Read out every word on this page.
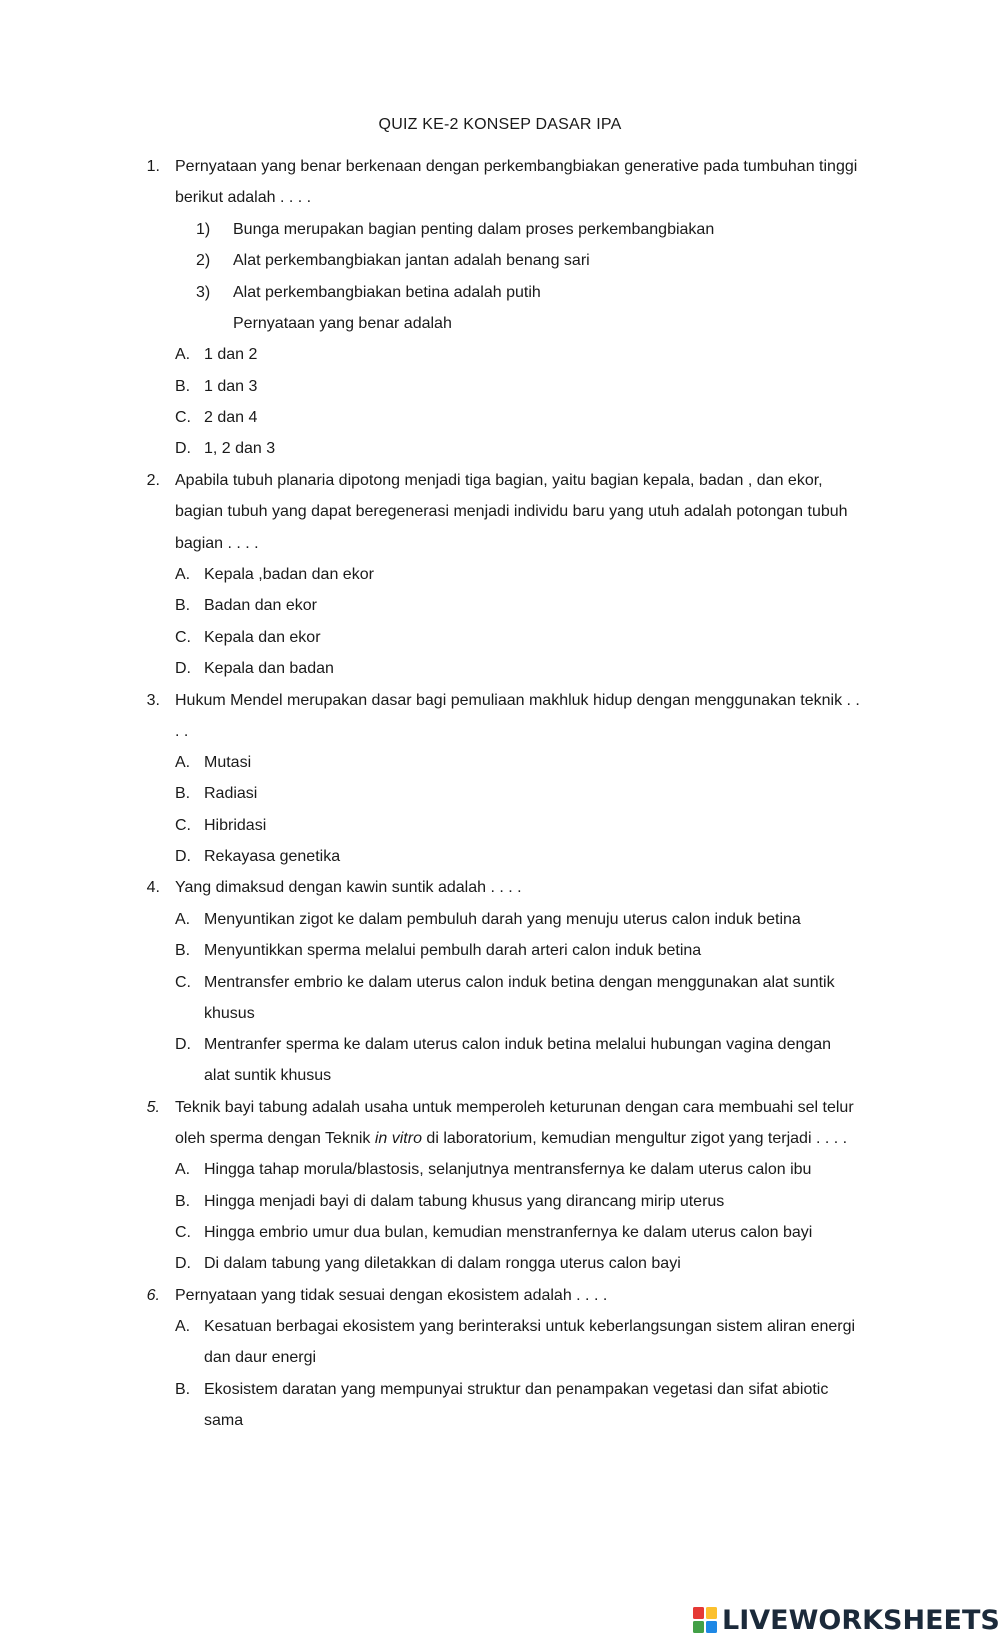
QUIZ KE-2 KONSEP DASAR IPA
1. Pernyataan yang benar berkenaan dengan perkembangbiakan generative pada tumbuhan tinggi
berikut adalah . . . .
1) Bunga merupakan bagian penting dalam proses perkembangbiakan
2) Alat perkembangbiakan jantan adalah benang sari
3) Alat perkembangbiakan betina adalah putih
Pernyataan yang benar adalah
A. 1 dan 2
B. 1 dan 3
C. 2 dan 4
D. 1, 2 dan 3
2. Apabila tubuh planaria dipotong menjadi tiga bagian, yaitu bagian kepala, badan , dan ekor,
bagian tubuh yang dapat beregenerasi menjadi individu baru yang utuh adalah potongan tubuh
bagian . . . .
A. Kepala ,badan dan ekor
B. Badan dan ekor
C. Kepala dan ekor
D. Kepala dan badan
3. Hukum Mendel merupakan dasar bagi pemuliaan makhluk hidup dengan menggunakan teknik . .
. .
A. Mutasi
B. Radiasi
C. Hibridasi
D. Rekayasa genetika
4. Yang dimaksud dengan kawin suntik adalah . . . .
A. Menyuntikan zigot ke dalam pembuluh darah yang menuju uterus calon induk betina
B. Menyuntikkan sperma melalui pembulh darah arteri calon induk betina
C. Mentransfer embrio ke dalam uterus calon induk betina dengan menggunakan alat suntik
khusus
D. Mentranfer sperma ke dalam uterus calon induk betina melalui hubungan vagina dengan
alat suntik khusus
5. Teknik bayi tabung adalah usaha untuk memperoleh keturunan dengan cara membuahi sel telur
oleh sperma dengan Teknik in vitro di laboratorium, kemudian mengultur zigot yang terjadi . . . .
A. Hingga tahap morula/blastosis, selanjutnya mentransfernya ke dalam uterus calon ibu
B. Hingga menjadi bayi di dalam tabung khusus yang dirancang mirip uterus
C. Hingga embrio umur dua bulan, kemudian menstranfernya ke dalam uterus calon bayi
D. Di dalam tabung yang diletakkan di dalam rongga uterus calon bayi
6. Pernyataan yang tidak sesuai dengan ekosistem adalah . . . .
A. Kesatuan berbagai ekosistem yang berinteraksi untuk keberlangsungan sistem aliran energi
dan daur energi
B. Ekosistem daratan yang mempunyai struktur dan penampakan vegetasi dan sifat abiotic
sama
LIVEWORKSHEETS
